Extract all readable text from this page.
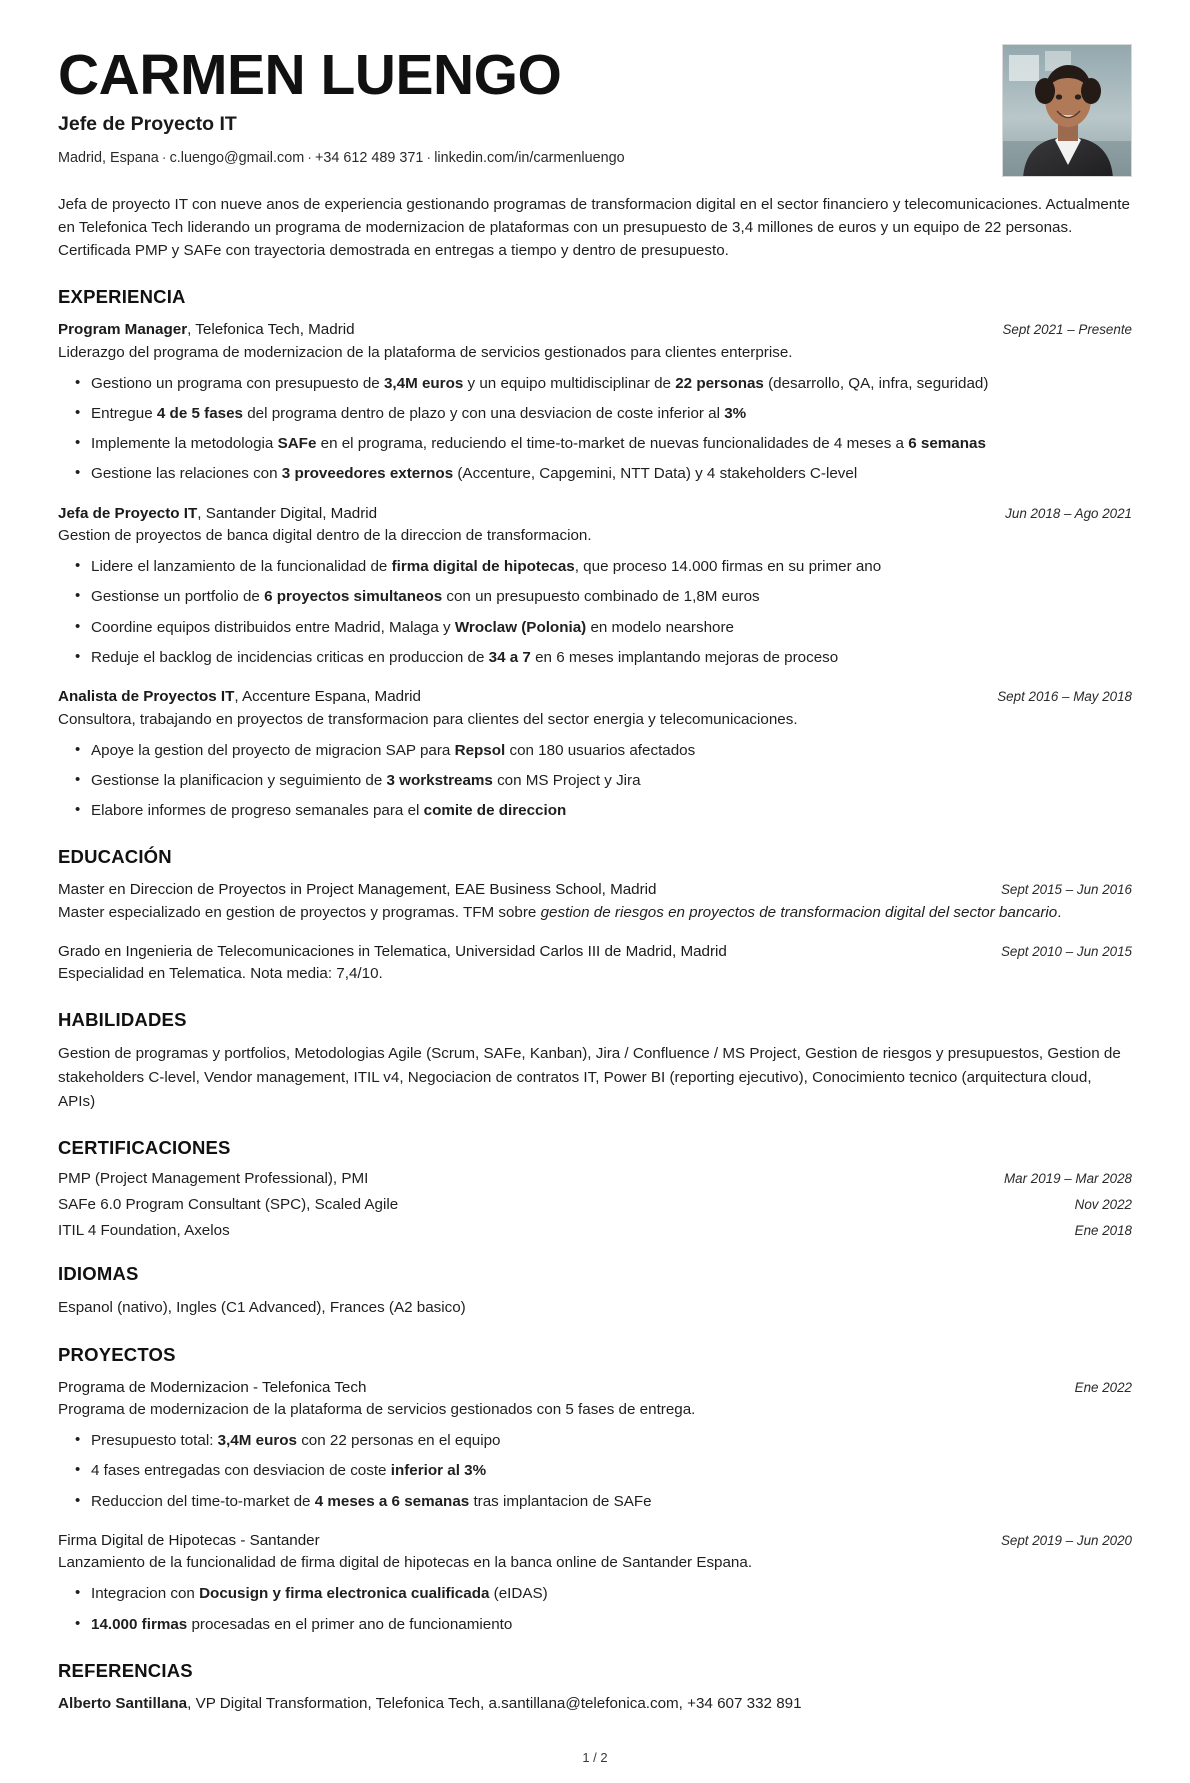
CARMEN LUENGO
Jefe de Proyecto IT
Madrid, Espana · c.luengo@gmail.com · +34 612 489 371 · linkedin.com/in/carmenluengo

Jefa de proyecto IT con nueve anos de experiencia gestionando programas de transformacion digital en el sector financiero y telecomunicaciones. Actualmente en Telefonica Tech liderando un programa de modernizacion de plataformas con un presupuesto de 3,4 millones de euros y un equipo de 22 personas. Certificada PMP y SAFe con trayectoria demostrada en entregas a tiempo y dentro de presupuesto.

EXPERIENCIA
Program Manager, Telefonica Tech, Madrid	Sept 2021 – Presente
Liderazgo del programa de modernizacion de la plataforma de servicios gestionados para clientes enterprise.
• Gestiono un programa con presupuesto de 3,4M euros y un equipo multidisciplinar de 22 personas (desarrollo, QA, infra, seguridad)
• Entregue 4 de 5 fases del programa dentro de plazo y con una desviacion de coste inferior al 3%
• Implemente la metodologia SAFe en el programa, reduciendo el time-to-market de nuevas funcionalidades de 4 meses a 6 semanas
• Gestione las relaciones con 3 proveedores externos (Accenture, Capgemini, NTT Data) y 4 stakeholders C-level
Jefa de Proyecto IT, Santander Digital, Madrid	Jun 2018 – Ago 2021
Gestion de proyectos de banca digital dentro de la direccion de transformacion.
• Lidere el lanzamiento de la funcionalidad de firma digital de hipotecas, que proceso 14.000 firmas en su primer ano
• Gestionse un portfolio de 6 proyectos simultaneos con un presupuesto combinado de 1,8M euros
• Coordine equipos distribuidos entre Madrid, Malaga y Wroclaw (Polonia) en modelo nearshore
• Reduje el backlog de incidencias criticas en produccion de 34 a 7 en 6 meses implantando mejoras de proceso
Analista de Proyectos IT, Accenture Espana, Madrid	Sept 2016 – May 2018
Consultora, trabajando en proyectos de transformacion para clientes del sector energia y telecomunicaciones.
• Apoye la gestion del proyecto de migracion SAP para Repsol con 180 usuarios afectados
• Gestionse la planificacion y seguimiento de 3 workstreams con MS Project y Jira
• Elabore informes de progreso semanales para el comite de direccion
EDUCACIÓN
Master en Direccion de Proyectos in Project Management, EAE Business School, Madrid	Sept 2015 – Jun 2016
Master especializado en gestion de proyectos y programas. TFM sobre gestion de riesgos en proyectos de transformacion digital del sector bancario.
Grado en Ingenieria de Telecomunicaciones in Telematica, Universidad Carlos III de Madrid, Madrid	Sept 2010 – Jun 2015
Especialidad en Telematica. Nota media: 7,4/10.
HABILIDADES
Gestion de programas y portfolios, Metodologias Agile (Scrum, SAFe, Kanban), Jira / Confluence / MS Project, Gestion de riesgos y presupuestos, Gestion de stakeholders C-level, Vendor management, ITIL v4, Negociacion de contratos IT, Power BI (reporting ejecutivo), Conocimiento tecnico (arquitectura cloud, APIs)
CERTIFICACIONES
PMP (Project Management Professional), PMI	Mar 2019 – Mar 2028
SAFe 6.0 Program Consultant (SPC), Scaled Agile	Nov 2022
ITIL 4 Foundation, Axelos	Ene 2018
IDIOMAS
Espanol (nativo), Ingles (C1 Advanced), Frances (A2 basico)
PROYECTOS
Programa de Modernizacion - Telefonica Tech	Ene 2022
Programa de modernizacion de la plataforma de servicios gestionados con 5 fases de entrega.
• Presupuesto total: 3,4M euros con 22 personas en el equipo
• 4 fases entregadas con desviacion de coste inferior al 3%
• Reduccion del time-to-market de 4 meses a 6 semanas tras implantacion de SAFe
Firma Digital de Hipotecas - Santander	Sept 2019 – Jun 2020
Lanzamiento de la funcionalidad de firma digital de hipotecas en la banca online de Santander Espana.
• Integracion con Docusign y firma electronica cualificada (eIDAS)
• 14.000 firmas procesadas en el primer ano de funcionamiento
REFERENCIAS
Alberto Santillana, VP Digital Transformation, Telefonica Tech, a.santillana@telefonica.com, +34 607 332 891
1 / 2
